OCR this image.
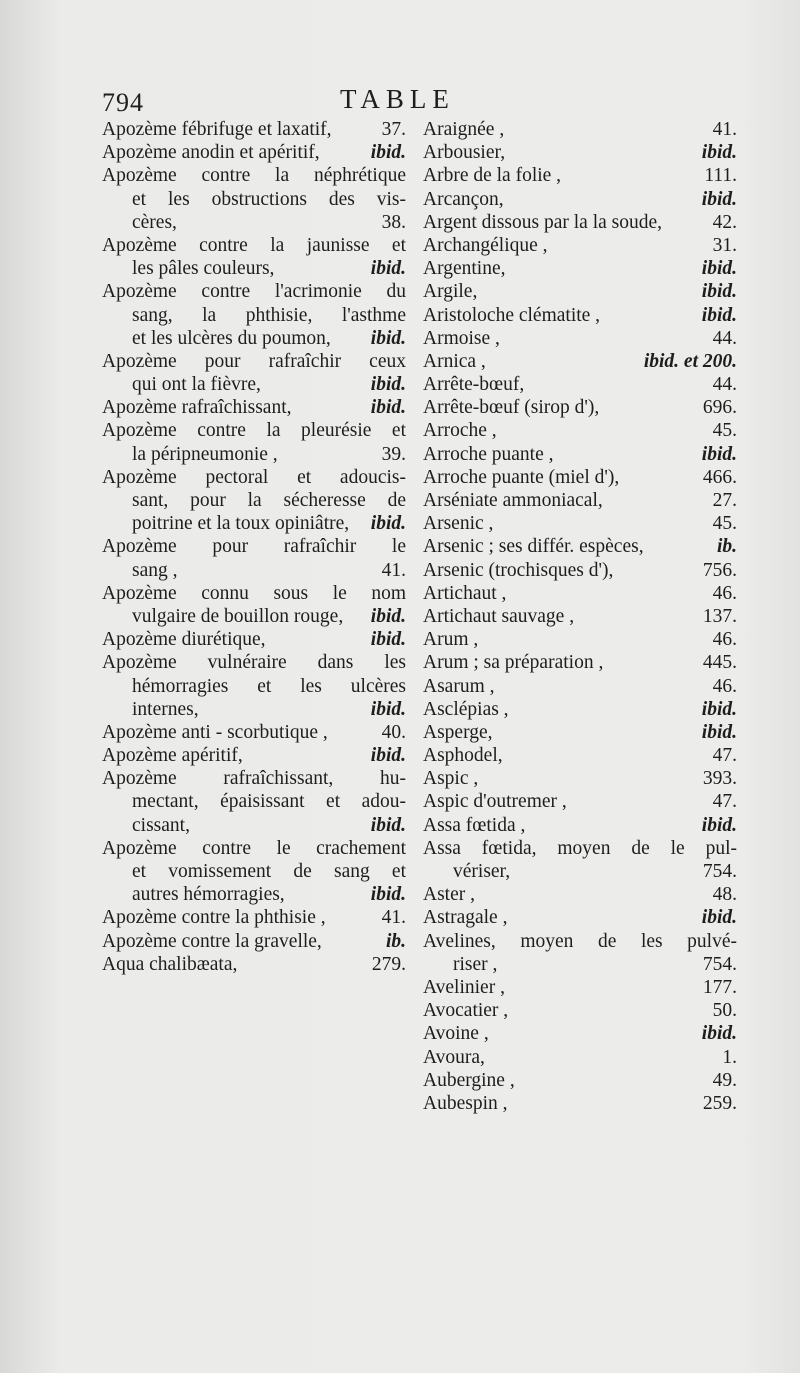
794	TABLE
Apozème fébrifuge et laxatif,	37.
Apozème anodin et apéritif,	ibid.
Apozème contre la néphrétique
et les obstructions des vis-
cères,	38.
Apozème contre la jaunisse et
les pâles couleurs,	ibid.
Apozème contre l'acrimonie du
sang, la phthisie, l'asthme
et les ulcères du poumon, ibid.
Apozème pour rafraîchir ceux
qui ont la fièvre,	ibid.
Apozème rafraîchissant,	ibid.
Apozème contre la pleurésie et
la péripneumonie ,	39.
Apozème pectoral et adoucis-
sant, pour la sécheresse de
poitrine et la toux opiniâtre, ibid.
Apozème pour rafraîchir le
sang ,	41.
Apozème connu sous le nom
vulgaire de bouillon rouge, ibid.
Apozème diurétique,	ibid.
Apozème vulnéraire dans les
hémorragies et les ulcères
internes,	ibid.
Apozème anti - scorbutique ,	40.
Apozème apéritif,	ibid.
Apozème rafraîchissant, hu-
mectant, épaisissant et adou-
cissant,	ibid.
Apozème contre le crachement
et vomissement de sang et
autres hémorragies,	ibid.
Apozème contre la phthisie ,	41.
Apozème contre la gravelle,	ib.
Aqua chalibæata,	279.
Araignée ,	41.
Arbousier,	ibid.
Arbre de la folie ,	111.
Arcançon,	ibid.
Argent dissous par la la soude,	42.
Archangélique ,	31.
Argentine,	ibid.
Argile,	ibid.
Aristoloche clématite ,	ibid.
Armoise ,	44.
Arnica ,	ibid. et 200.
Arrête-bœuf,	44.
Arrête-bœuf (sirop d'),	696.
Arroche ,	45.
Arroche puante ,	ibid.
Arroche puante (miel d'),	466.
Arséniate ammoniacal,	27.
Arsenic ,	45.
Arsenic ; ses différ. espèces,	ib.
Arsenic (trochisques d'),	756.
Artichaut ,	46.
Artichaut sauvage ,	137.
Arum ,	46.
Arum ; sa préparation ,	445.
Asarum ,	46.
Asclépias ,	ibid.
Asperge,	ibid.
Asphodel,	47.
Aspic ,	393.
Aspic d'outremer ,	47.
Assa fœtida ,	ibid.
Assa fœtida, moyen de le pul-
vériser,	754.
Aster ,	48.
Astragale ,	ibid.
Avelines, moyen de les pulvé-
riser ,	754.
Avelinier ,	177.
Avocatier ,	50.
Avoine ,	ibid.
Avoura,	1.
Aubergine ,	49.
Aubespin ,	259.
